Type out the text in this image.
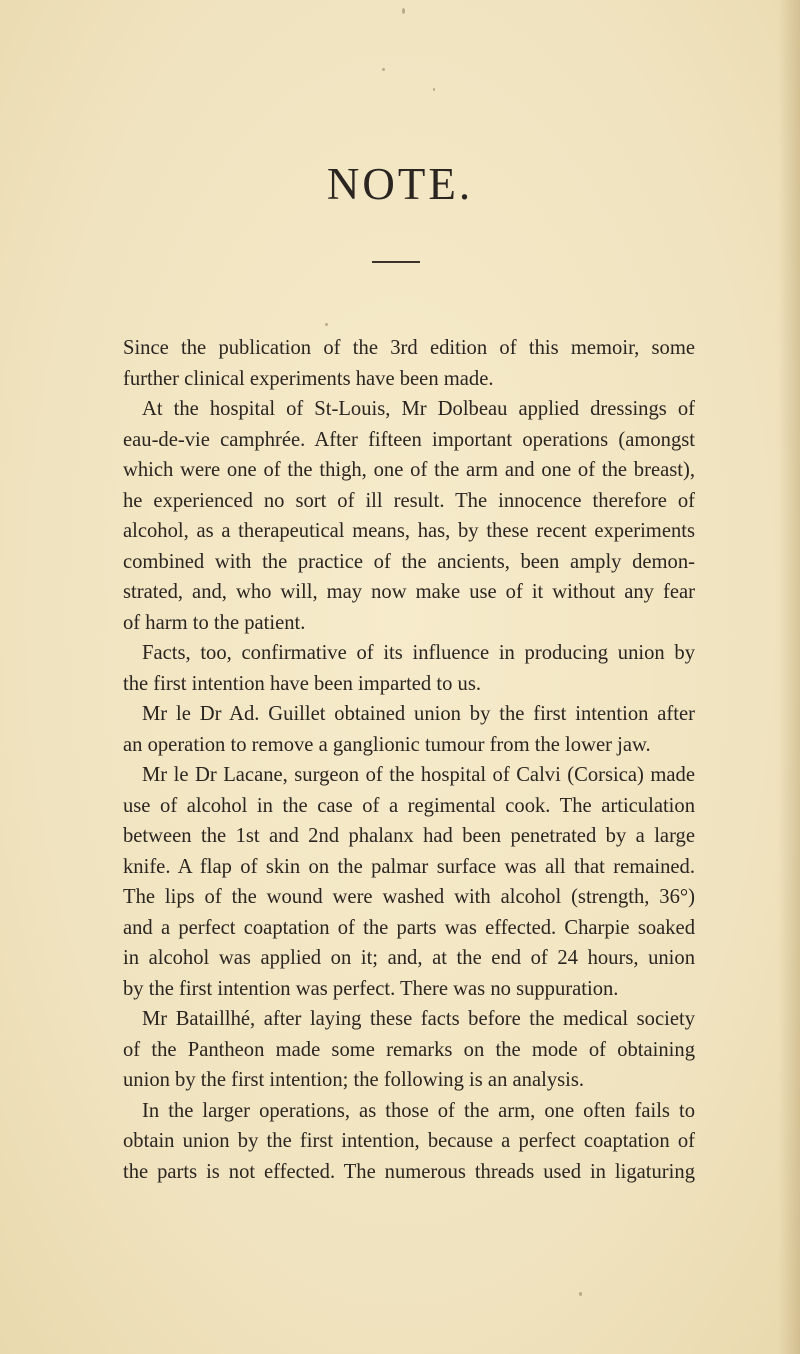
NOTE.
Since the publication of the 3rd edition of this memoir, some
further clinical experiments have been made.
At the hospital of St-Louis, Mr Dolbeau applied dressings of
eau-de-vie camphrée. After fifteen important operations (amongst
which were one of the thigh, one of the arm and one of the breast),
he experienced no sort of ill result. The innocence therefore of
alcohol, as a therapeutical means, has, by these recent experiments
combined with the practice of the ancients, been amply demon-
strated, and, who will, may now make use of it without any fear
of harm to the patient.
Facts, too, confirmative of its influence in producing union by
the first intention have been imparted to us.
Mr le Dr Ad. Guillet obtained union by the first intention after
an operation to remove a ganglionic tumour from the lower jaw.
Mr le Dr Lacane, surgeon of the hospital of Calvi (Corsica) made
use of alcohol in the case of a regimental cook. The articulation
between the 1st and 2nd phalanx had been penetrated by a large
knife. A flap of skin on the palmar surface was all that remained.
The lips of the wound were washed with alcohol (strength, 36°)
and a perfect coaptation of the parts was effected. Charpie soaked
in alcohol was applied on it; and, at the end of 24 hours, union
by the first intention was perfect. There was no suppuration.
Mr Bataillhé, after laying these facts before the medical society
of the Pantheon made some remarks on the mode of obtaining
union by the first intention; the following is an analysis.
In the larger operations, as those of the arm, one often fails to
obtain union by the first intention, because a perfect coaptation of
the parts is not effected. The numerous threads used in ligaturing
